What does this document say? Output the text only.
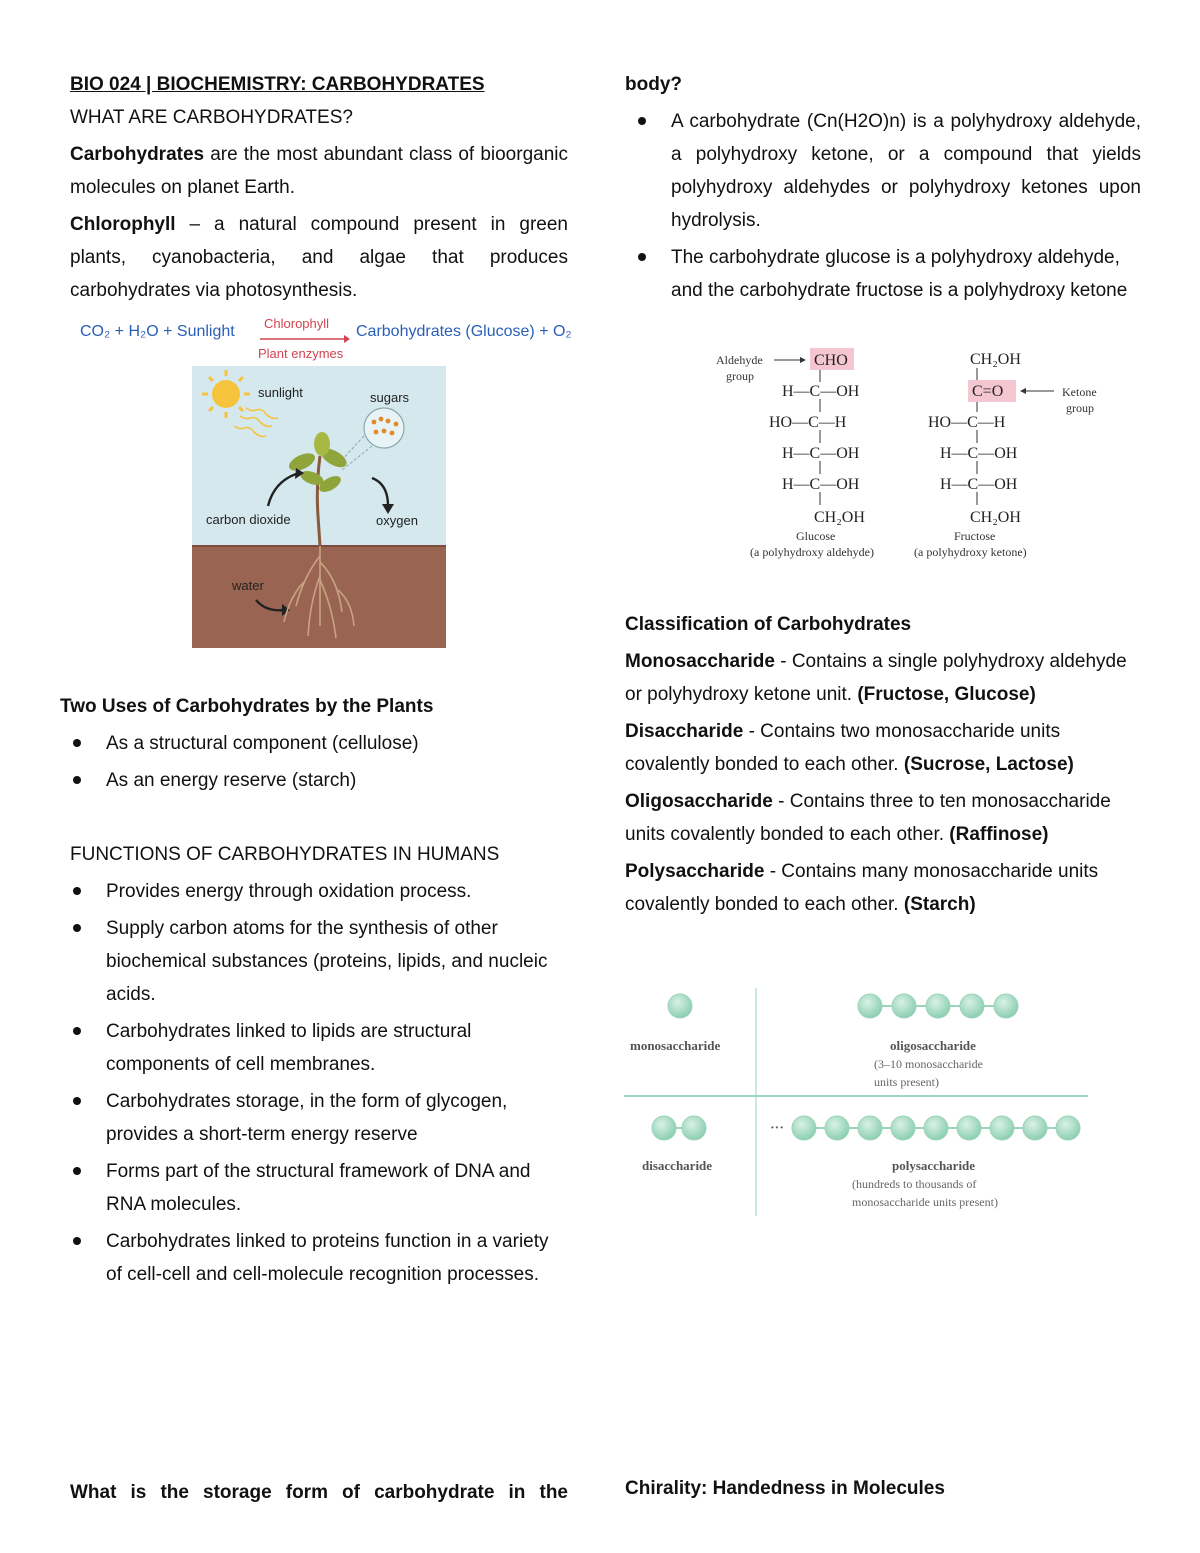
BIO 024 | BIOCHEMISTRY: CARBOHYDRATES

WHAT ARE CARBOHYDRATES?

Carbohydrates are the most abundant class of bioorganic molecules on planet Earth.

Chlorophyll – a natural compound present in green plants, cyanobacteria, and algae that produces carbohydrates via photosynthesis.

CO₂ + H₂O + Sunlight Chlorophyll
Plant enzymes
Carbohydrates (Glucose) + O₂
sunlight	sugars
carbon dioxide	oxygen
water

Two Uses of Carbohydrates by the Plants

As a structural component (cellulose)
As an energy reserve (starch)

FUNCTIONS OF CARBOHYDRATES IN HUMANS

Provides energy through oxidation process.
Supply carbon atoms for the synthesis of other biochemical substances (proteins, lipids, and nucleic acids.
Carbohydrates linked to lipids are structural components of cell membranes.
Carbohydrates storage, in the form of glycogen, provides a short-term energy reserve
Forms part of the structural framework of DNA and RNA molecules.
Carbohydrates linked to proteins function in a variety of cell-cell and cell-molecule recognition processes.

What is the storage form of carbohydrate in the

body?

A carbohydrate (Cn(H2O)n) is a polyhydroxy aldehyde, a polyhydroxy ketone, or a compound that yields polyhydroxy aldehydes or polyhydroxy ketones upon hydrolysis.
The carbohydrate glucose is a polyhydroxy aldehyde, and the carbohydrate fructose is a polyhydroxy ketone
CHO
Aldehyde
group
H—C—OH
HO—C—H
H—C—OH
H—C—OH
CH₂OH
Glucose
(a polyhydroxy aldehyde)
CH₂OH
C=O	Ketone
group
HO—C—H
H—C—OH
H—C—OH
CH₂OH
Fructose
(a polyhydroxy ketone)

Classification of Carbohydrates

Monosaccharide - Contains a single polyhydroxy aldehyde or polyhydroxy ketone unit. (Fructose, Glucose)

Disaccharide - Contains two monosaccharide units covalently bonded to each other. (Sucrose, Lactose)

Oligosaccharide - Contains three to ten monosaccharide units covalently bonded to each other. (Raffinose)

Polysaccharide - Contains many monosaccharide units covalently bonded to each other. (Starch)

monosaccharide	oligosaccharide
(3–10 monosaccharide
units present)
disaccharide
···
polysaccharide
(hundreds to thousands of
monosaccharide units present)

Chirality: Handedness in Molecules
